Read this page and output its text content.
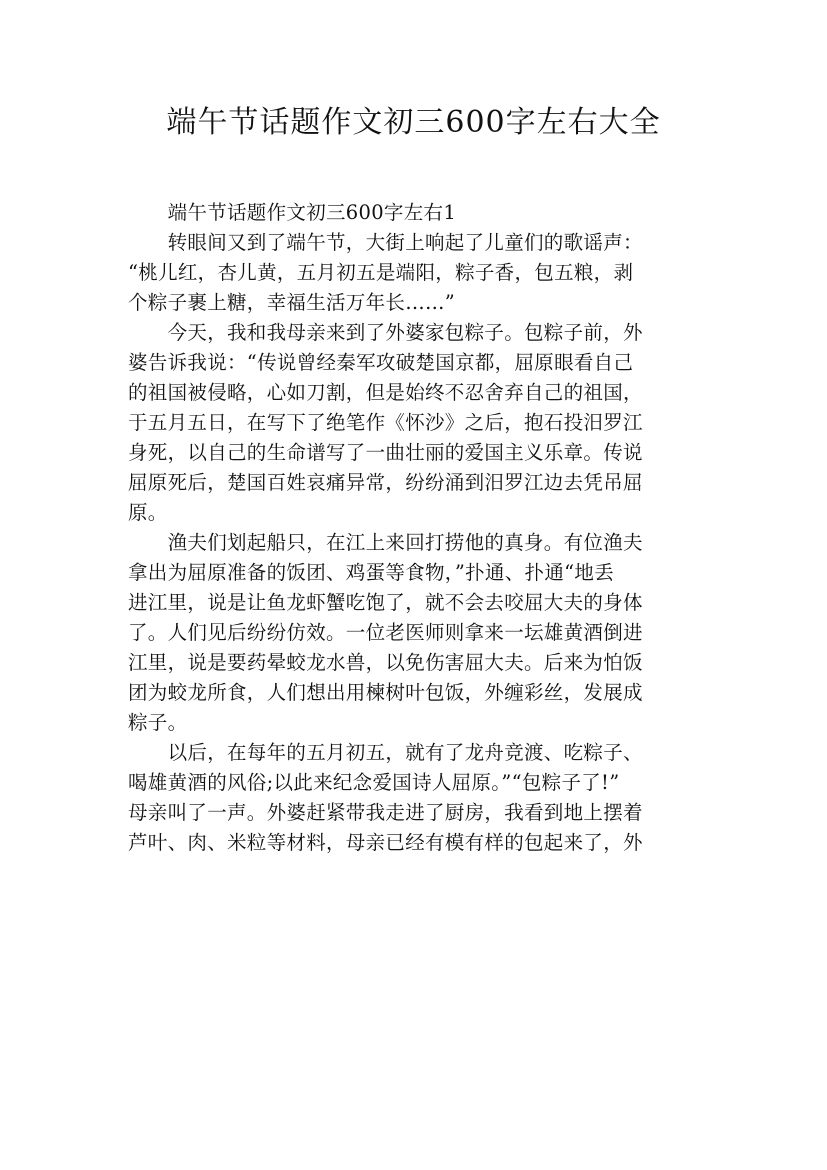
端午节话题作文初三600字左右大全
　　端午节话题作文初三600字左右1
　　转眼间又到了端午节，大街上响起了儿童们的歌谣声：
“桃儿红，杏儿黄，五月初五是端阳，粽子香，包五粮，剥
个粽子裹上糖，幸福生活万年长……”
　　今天，我和我母亲来到了外婆家包粽子。包粽子前，外
婆告诉我说：“传说曾经秦军攻破楚国京都，屈原眼看自己
的祖国被侵略，心如刀割，但是始终不忍舍弃自己的祖国，
于五月五日，在写下了绝笔作《怀沙》之后，抱石投汨罗江
身死，以自己的生命谱写了一曲壮丽的爱国主义乐章。传说
屈原死后，楚国百姓哀痛异常，纷纷涌到汨罗江边去凭吊屈
原。
　　渔夫们划起船只，在江上来回打捞他的真身。有位渔夫
拿出为屈原准备的饭团、鸡蛋等食物，”扑通、扑通“地丢
进江里，说是让鱼龙虾蟹吃饱了，就不会去咬屈大夫的身体
了。人们见后纷纷仿效。一位老医师则拿来一坛雄黄酒倒进
江里，说是要药晕蛟龙水兽，以免伤害屈大夫。后来为怕饭
团为蛟龙所食，人们想出用楝树叶包饭，外缠彩丝，发展成
粽子。
　　以后，在每年的五月初五，就有了龙舟竞渡、吃粽子、
喝雄黄酒的风俗;以此来纪念爱国诗人屈原。”“包粽子了!”
母亲叫了一声。外婆赶紧带我走进了厨房，我看到地上摆着
芦叶、肉、米粒等材料，母亲已经有模有样的包起来了，外
